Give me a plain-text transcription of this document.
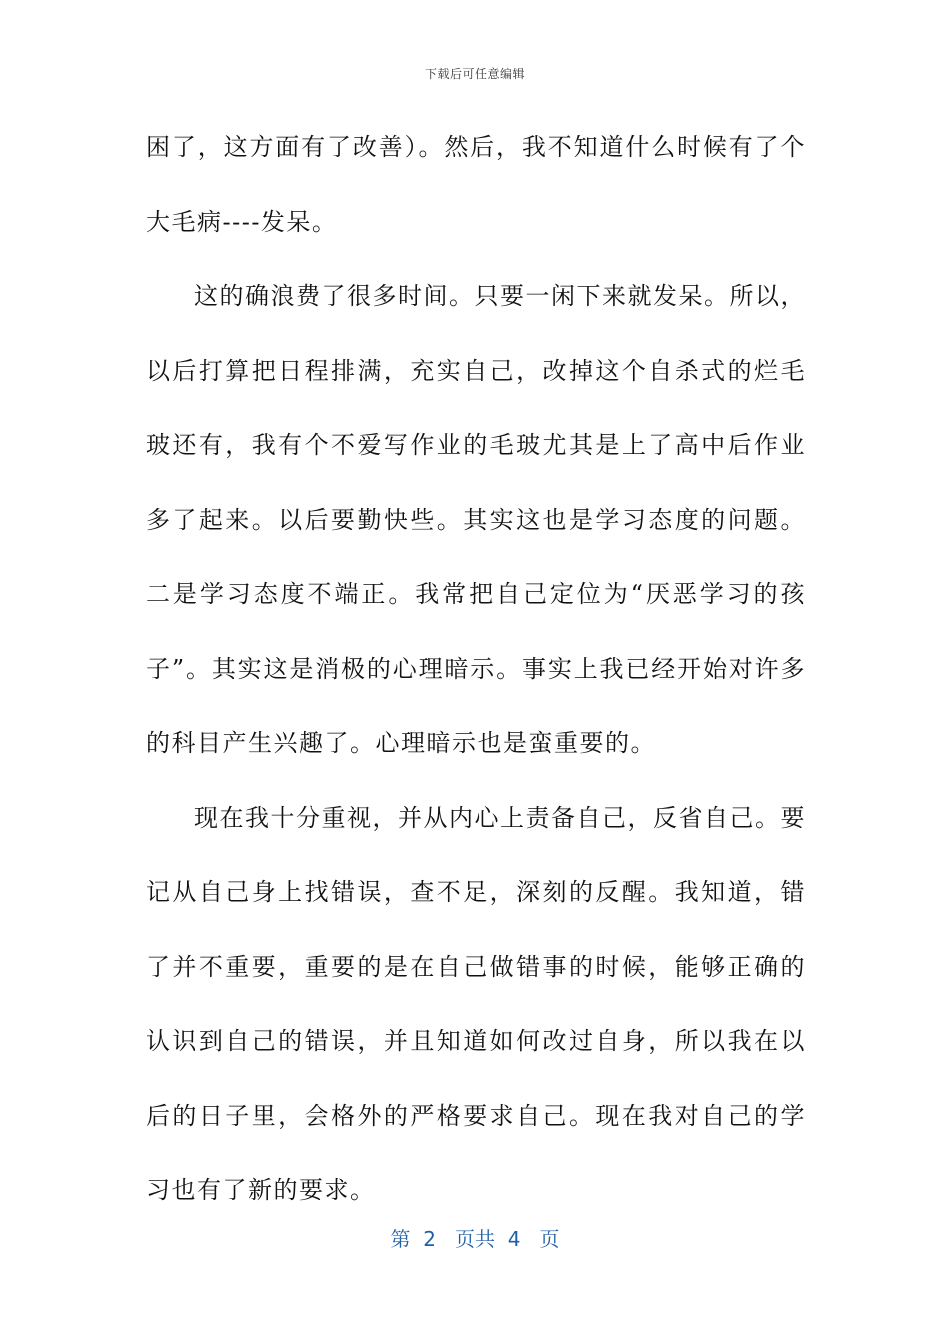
下载后可任意编辑

困了，这方面有了改善）。然后，我不知道什么时候有了个大毛病----发呆。

这的确浪费了很多时间。只要一闲下来就发呆。所以，以后打算把日程排满，充实自己，改掉这个自杀式的烂毛玻还有，我有个不爱写作业的毛玻尤其是上了高中后作业多了起来。以后要勤快些。其实这也是学习态度的问题。二是学习态度不端正。我常把自己定位为“厌恶学习的孩子”。其实这是消极的心理暗示。事实上我已经开始对许多的科目产生兴趣了。心理暗示也是蛮重要的。

现在我十分重视，并从内心上责备自己，反省自己。要记从自己身上找错误，查不足，深刻的反醒。我知道，错了并不重要，重要的是在自己做错事的时候，能够正确的认识到自己的错误，并且知道如何改过自身，所以我在以后的日子里，会格外的严格要求自己。现在我对自己的学习也有了新的要求。

第  2   页共  4   页
